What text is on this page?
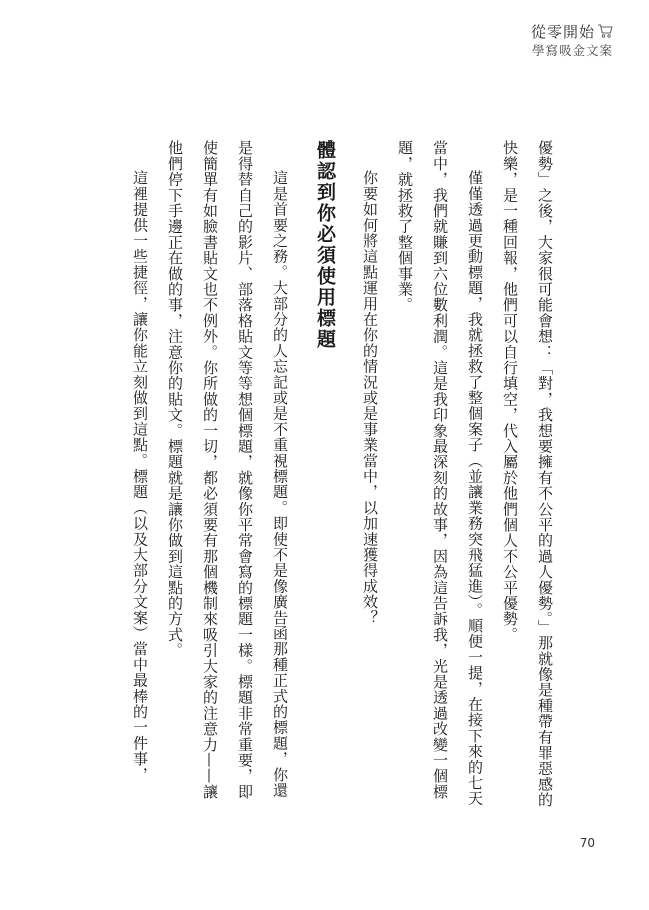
從零開始
學寫吸金文案

優勢」之後，大家很可能會想：「對，我想要擁有不公平的過人優勢。」那就像是種帶有罪惡感的快樂，是一種回報，他們可以自行填空，代入屬於他們個人不公平優勢。

僅僅透過更動標題，我就拯救了整個案子（並讓業務突飛猛進）。順便一提，在接下來的七天當中，我們就賺到六位數利潤。這是我印象最深刻的故事，因為這告訴我，光是透過改變一個標題，就拯救了整個事業。

你要如何將這點運用在你的情況或是事業當中，以加速獲得成效？

體認到你必須使用標題

這是首要之務。大部分的人忘記或是不重視標題。即使不是像廣告函那種正式的標題，你還是得替自己的影片、部落格貼文等等想個標題，就像你平常會寫的標題一樣。標題非常重要，即使簡單有如臉書貼文也不例外。你所做的一切，都必須要有那個機制來吸引大家的注意力——讓他們停下手邊正在做的事，注意你的貼文。標題就是讓你做到這點的方式。

這裡提供一些捷徑，讓你能立刻做到這點。標題（以及大部分文案）當中最棒的一件事，

70
